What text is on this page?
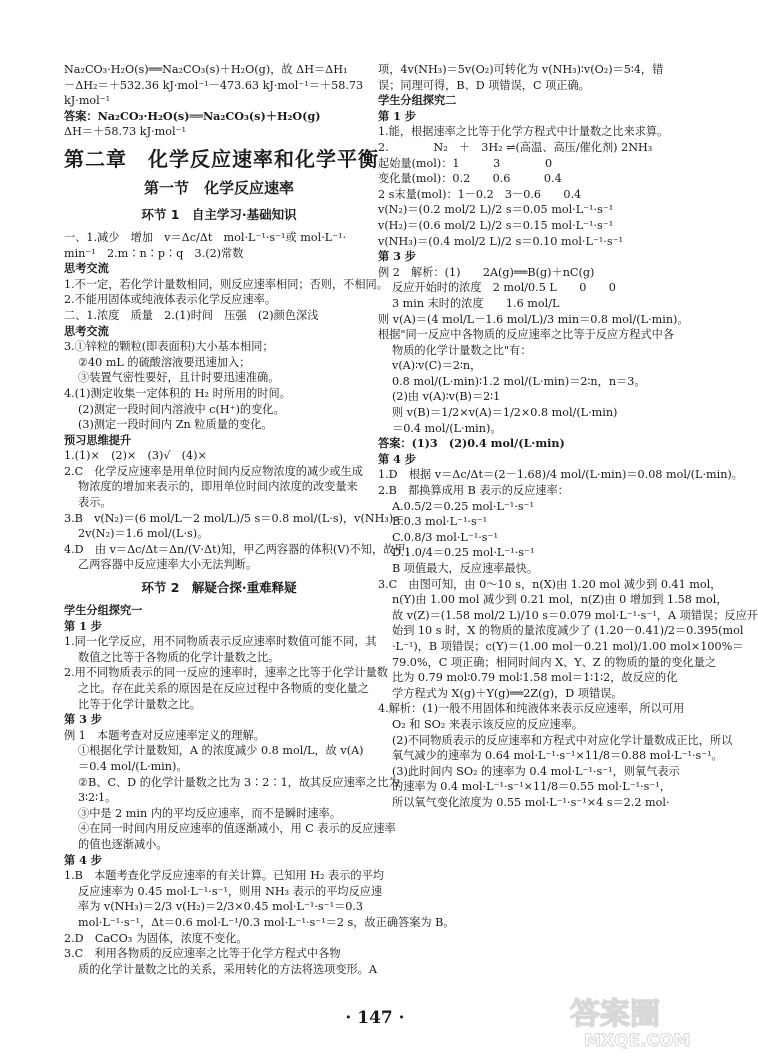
Na₂CO₃·H₂O(s)══Na₂CO₃(s)＋H₂O(g)，故 ΔH＝ΔH₁
－ΔH₂＝＋532.36 kJ·mol⁻¹－473.63 kJ·mol⁻¹＝＋58.73
kJ·mol⁻¹
答案：Na₂CO₃·H₂O(s)══Na₂CO₃(s)＋H₂O(g)
ΔH＝＋58.73 kJ·mol⁻¹
第二章　化学反应速率和化学平衡
第一节　化学反应速率
环节 1　自主学习·基础知识
一、1.减少　增加　v＝Δc/Δt　mol·L⁻¹·s⁻¹或 mol·L⁻¹·
min⁻¹　2.m∶n∶p∶q　3.(2)常数
思考交流
1.不一定，若化学计量数相同，则反应速率相同；否则，不相同。
2.不能用固体或纯液体表示化学反应速率。
二、1.浓度　质量　2.(1)时间　压强　(2)颜色深浅
思考交流
3.①锌粒的颗粒(即表面积)大小基本相同；
②40 mL 的硫酸溶液要迅速加入；
③装置气密性要好，且计时要迅速准确。
4.(1)测定收集一定体积的 H₂ 时所用的时间。
(2)测定一段时间内溶液中 c(H⁺)的变化。
(3)测定一段时间内 Zn 粒质量的变化。
预习思维提升
1.(1)×　(2)×　(3)√　(4)×
2.C　化学反应速率是用单位时间内反应物浓度的减少或生成
物浓度的增加来表示的，即用单位时间内浓度的改变量来
表示。
3.B　v(N₂)＝(6 mol/L－2 mol/L)/5 s＝0.8 mol/(L·s)，v(NH₃)＝
2v(N₂)＝1.6 mol/(L·s)。
4.D　由 v＝Δc/Δt＝Δn/(V·Δt)知，甲乙两容器的体积(V)不知，故甲、
乙两容器中反应速率大小无法判断。
环节 2　解疑合探·重难释疑
学生分组探究一
第 1 步
1.同一化学反应，用不同物质表示反应速率时数值可能不同，其
数值之比等于各物质的化学计量数之比。
2.用不同物质表示的同一反应的速率时，速率之比等于化学计量数
之比。存在此关系的原因是在反应过程中各物质的变化量之
比等于化学计量数之比。
第 3 步
例 1　本题考查对反应速率定义的理解。
①根据化学计量数知，A 的浓度减少 0.8 mol/L，故 v(A)
＝0.4 mol/(L·min)。
②B、C、D 的化学计量数之比为 3∶2∶1，故其反应速率之比为
3∶2∶1。
③中是 2 min 内的平均反应速率，而不是瞬时速率。
④在同一时间内用反应速率的值逐渐减小，用 C 表示的反应速率
的值也逐渐减小。
第 4 步
1.B　本题考查化学反应速率的有关计算。已知用 H₂ 表示的平均
反应速率为 0.45 mol·L⁻¹·s⁻¹，则用 NH₃ 表示的平均反应速
率为 v(NH₃)＝2/3 v(H₂)＝2/3×0.45 mol·L⁻¹·s⁻¹＝0.3
mol·L⁻¹·s⁻¹，Δt＝0.6 mol·L⁻¹/0.3 mol·L⁻¹·s⁻¹＝2 s，故正确答案为 B。
2.D　CaCO₃ 为固体，浓度不变化。
3.C　利用各物质的反应速率之比等于化学方程式中各物
质的化学计量数之比的关系，采用转化的方法将选项变形。A
项，4v(NH₃)＝5v(O₂)可转化为 v(NH₃)∶v(O₂)＝5∶4，错
误；同理可得，B、D 项错误，C 项正确。
学生分组探究二
第 1 步
1.能，根据速率之比等于化学方程式中计量数之比来求算。
2.　　　　N₂　＋　3H₂ ⇌(高温、高压/催化剂) 2NH₃
起始量(mol)：1　　　3　　　　0
变化量(mol)：0.2　　0.6　　　0.4
2 s末量(mol)：1－0.2　3－0.6　　0.4
v(N₂)＝(0.2 mol/2 L)/2 s＝0.05 mol·L⁻¹·s⁻¹
v(H₂)＝(0.6 mol/2 L)/2 s＝0.15 mol·L⁻¹·s⁻¹
v(NH₃)＝(0.4 mol/2 L)/2 s＝0.10 mol·L⁻¹·s⁻¹
第 3 步
例 2　解析：(1)　　2A(g)══B(g)＋nC(g)
反应开始时的浓度　2 mol/0.5 L　　0　　0
3 min 末时的浓度　　1.6 mol/L
则 v(A)＝(4 mol/L－1.6 mol/L)/3 min＝0.8 mol/(L·min)。
根据"同一反应中各物质的反应速率之比等于反应方程式中各
物质的化学计量数之比"有：
v(A)∶v(C)＝2∶n，
0.8 mol/(L·min)∶1.2 mol/(L·min)＝2∶n，n＝3。
(2)由 v(A)∶v(B)＝2∶1
则 v(B)＝1/2×v(A)＝1/2×0.8 mol/(L·min)
＝0.4 mol/(L·min)。
答案：(1)3　(2)0.4 mol/(L·min)
第 4 步
1.D　根据 v＝Δc/Δt＝(2－1.68)/4 mol/(L·min)＝0.08 mol/(L·min)。
2.B　都换算成用 B 表示的反应速率：
A.0.5/2＝0.25 mol·L⁻¹·s⁻¹
B.0.3 mol·L⁻¹·s⁻¹
C.0.8/3 mol·L⁻¹·s⁻¹
D.1.0/4＝0.25 mol·L⁻¹·s⁻¹
B 项值最大，反应速率最快。
3.C　由图可知，由 0～10 s，n(X)由 1.20 mol 减少到 0.41 mol，
n(Y)由 1.00 mol 减少到 0.21 mol，n(Z)由 0 增加到 1.58 mol，
故 v(Z)＝(1.58 mol/2 L)/10 s＝0.079 mol·L⁻¹·s⁻¹，A 项错误；反应开
始到 10 s 时，X 的物质的量浓度减少了 (1.20－0.41)/2＝0.395(mol
·L⁻¹)，B 项错误；c(Y)＝(1.00 mol－0.21 mol)/1.00 mol×100%＝
79.0%，C 项正确；相同时间内 X、Y、Z 的物质的量的变化量之
比为 0.79 mol∶0.79 mol∶1.58 mol＝1∶1∶2，故反应的化
学方程式为 X(g)＋Y(g)══2Z(g)，D 项错误。
4.解析：(1)一般不用固体和纯液体来表示反应速率，所以可用
O₂ 和 SO₂ 来表示该反应的反应速率。
(2)不同物质表示的反应速率和方程式中对应化学计量数成正比，所以
氧气减少的速率为 0.64 mol·L⁻¹·s⁻¹×11/8＝0.88 mol·L⁻¹·s⁻¹。
(3)此时间内 SO₂ 的速率为 0.4 mol·L⁻¹·s⁻¹，则氧气表示
的速率为 0.4 mol·L⁻¹·s⁻¹×11/8＝0.55 mol·L⁻¹·s⁻¹，
所以氧气变化浓度为 0.55 mol·L⁻¹·s⁻¹×4 s＝2.2 mol·
· 147 ·	答案圈
MXQE.COM
